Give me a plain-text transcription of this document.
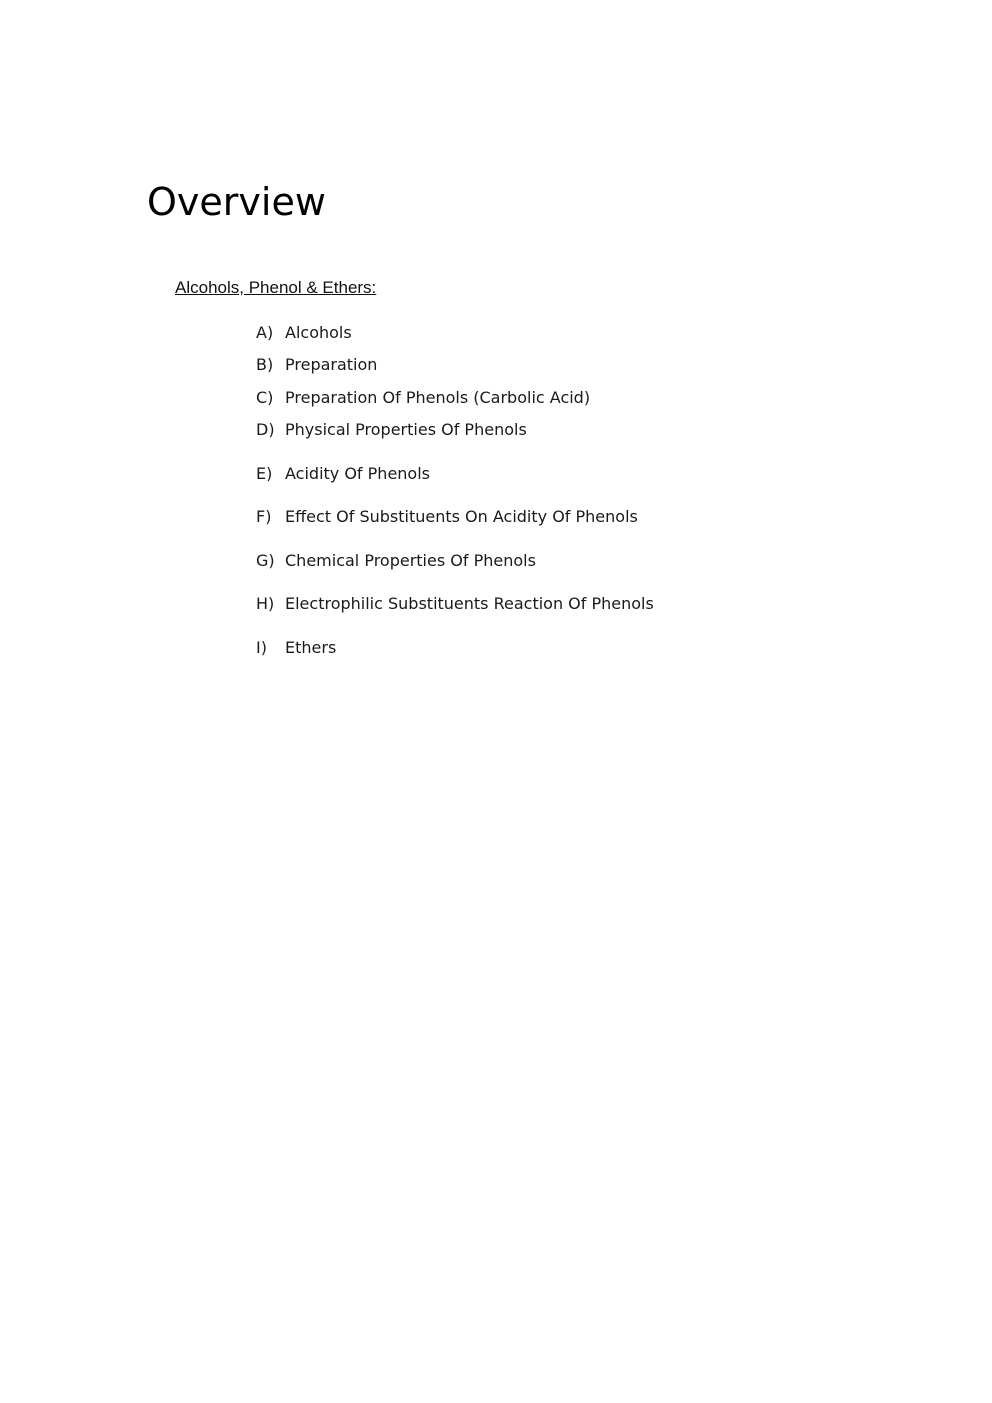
Overview
Alcohols, Phenol & Ethers:
A) Alcohols
B) Preparation
C) Preparation Of Phenols (Carbolic Acid)
D) Physical Properties Of Phenols
E) Acidity Of Phenols
F) Effect Of Substituents On Acidity Of Phenols
G) Chemical Properties Of Phenols
H) Electrophilic Substituents Reaction Of Phenols
I) Ethers
